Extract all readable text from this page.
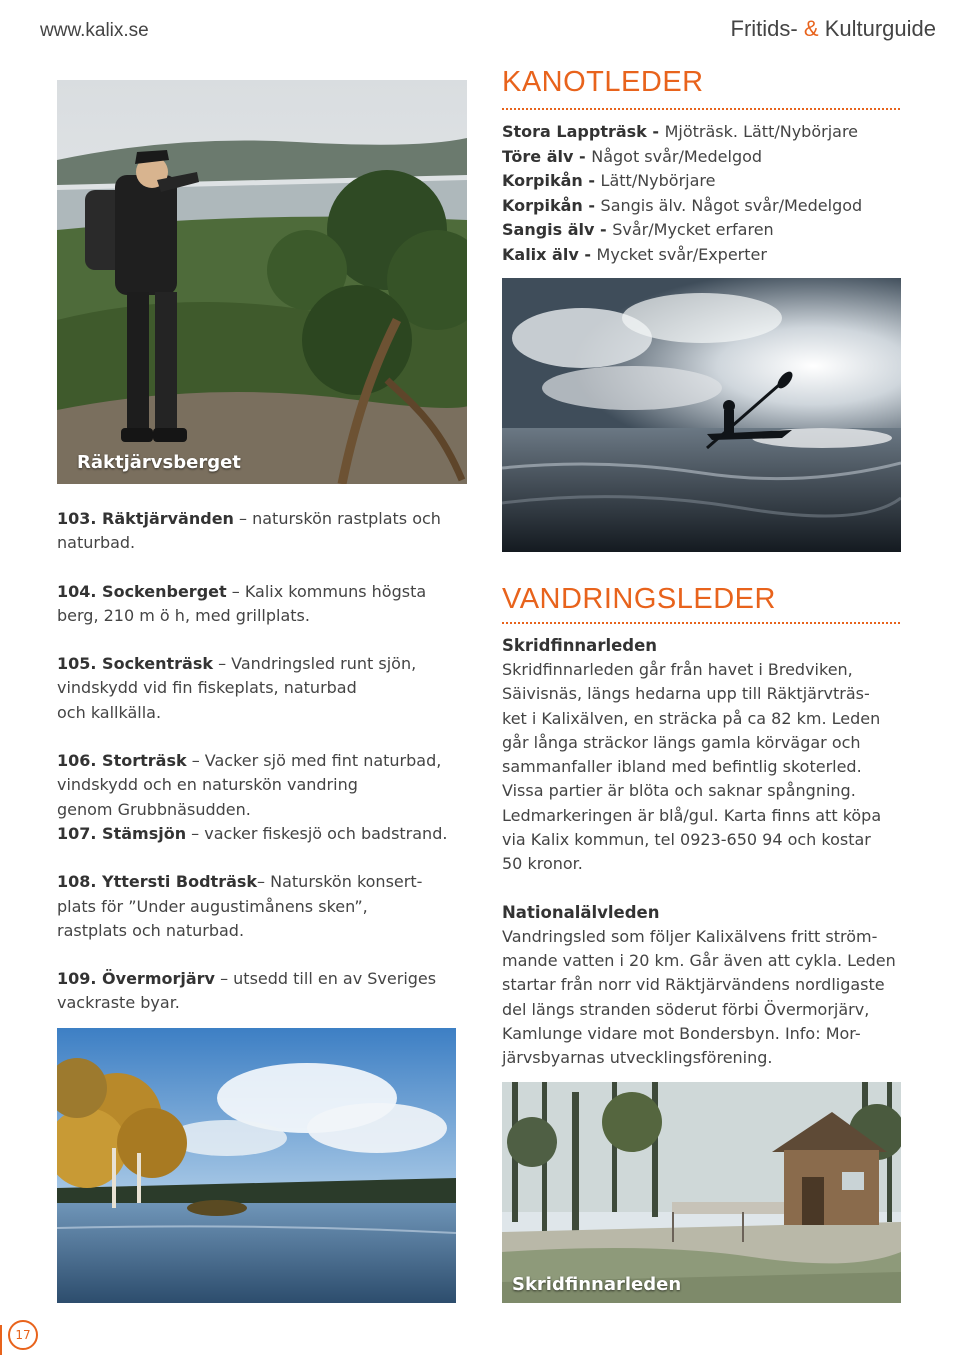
www.kalix.se	Fritids- & Kulturguide
KANOTLEDER
Stora Lappträsk - Mjöträsk. Lätt/Nybörjare
Töre älv - Något svår/Medelgod
Korpikån - Lätt/Nybörjare
Korpikån - Sangis älv. Något svår/Medelgod
Sangis älv - Svår/Mycket erfaren
Kalix älv - Mycket svår/Experter
Räktjärvsberget

103. Räktjärvänden – naturskön rastplats och

naturbad.

104. Sockenberget – Kalix kommuns högsta

berg, 210 m ö h, med grillplats.

105. Sockenträsk – Vandringsled runt sjön,

vindskydd vid fin fiskeplats, naturbad

och kallkälla.

106. Storträsk – Vacker sjö med fint naturbad,

vindskydd och en naturskön vandring

genom Grubbnäsudden.

107. Stämsjön – vacker fiskesjö och badstrand.

108. Yttersti Bodträsk– Naturskön konsert-

plats för ”Under augustimånens sken”,

rastplats och naturbad.

109. Övermorjärv – utsedd till en av Sveriges

vackraste byar.

VANDRINGSLEDER

Skridfinnarleden

Skridfinnarleden går från havet i Bredviken,

Säivisnäs, längs hedarna upp till Räktjärvträs-

ket i Kalixälven, en sträcka på ca 82 km. Leden

går långa sträckor längs gamla körvägar och

sammanfaller ibland med befintlig skoterled.

Vissa partier är blöta och saknar spångning.

Ledmarkeringen är blå/gul. Karta finns att köpa

via Kalix kommun, tel 0923-650 94 och kostar

50 kronor.

Nationalälvleden

Vandringsled som följer Kalixälvens fritt ström-

mande vatten i 20 km. Går även att cykla. Leden

startar från norr vid Räktjärvändens nordligaste

del längs stranden söderut förbi Övermorjärv,

Kamlunge vidare mot Bondersbyn. Info: Mor-

järvsbyarnas utvecklingsförening.

Skridfinnarleden
17
